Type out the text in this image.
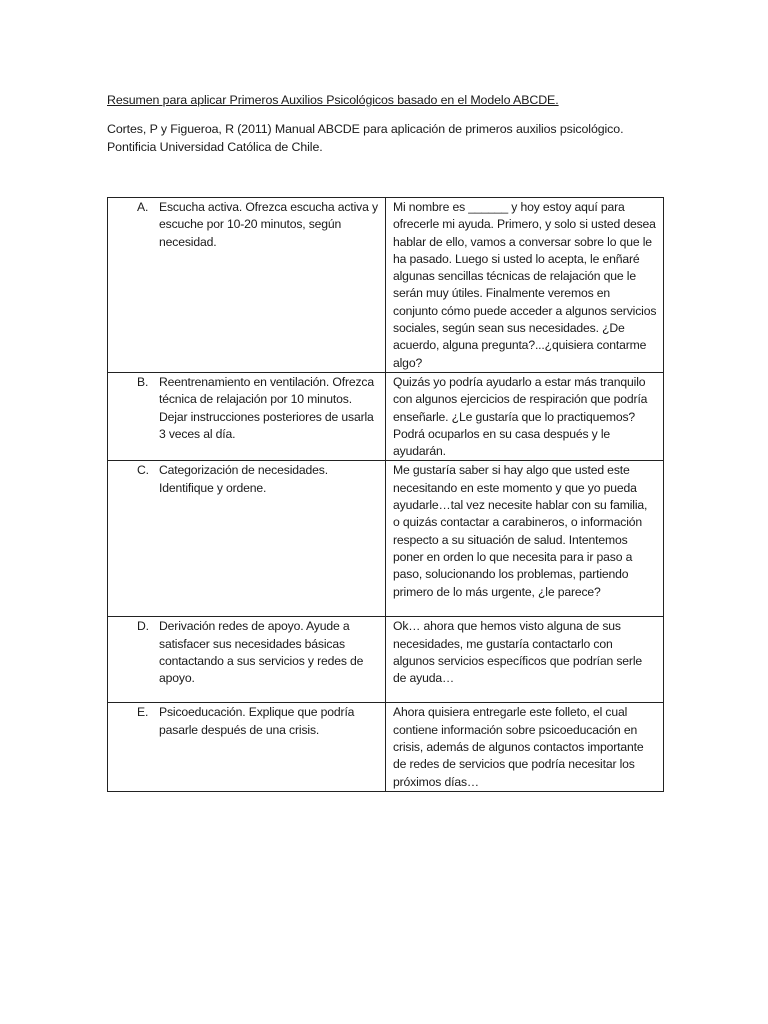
Resumen para aplicar Primeros Auxilios Psicológicos basado en el Modelo ABCDE.
Cortes, P y Figueroa, R (2011) Manual ABCDE para aplicación de primeros auxilios psicológico.
Pontificia Universidad Católica de Chile.
A. Escucha activa. Ofrezca escucha activa y escuche por 10-20 minutos, según necesidad.	Mi nombre es ______ y hoy estoy aquí para ofrecerle mi ayuda. Primero, y solo si usted desea hablar de ello, vamos a conversar sobre lo que le ha pasado. Luego si usted lo acepta, le enñaré algunas sencillas técnicas de relajación que le serán muy útiles. Finalmente veremos en conjunto cómo puede acceder a algunos servicios sociales, según sean sus necesidades. ¿De acuerdo, alguna pregunta?...¿quisiera contarme algo?

B. Reentrenamiento en ventilación. Ofrezca técnica de relajación por 10 minutos. Dejar instrucciones posteriores de usarla 3 veces al día.	Quizás yo podría ayudarlo a estar más tranquilo con algunos ejercicios de respiración que podría enseñarle. ¿Le gustaría que lo practiquemos? Podrá ocuparlos en su casa después y le ayudarán.

C. Categorización de necesidades. Identifique y ordene.	Me gustaría saber si hay algo que usted este necesitando en este momento y que yo pueda ayudarle…tal vez necesite hablar con su familia, o quizás contactar a carabineros, o información respecto a su situación de salud. Intentemos poner en orden lo que necesita para ir paso a paso, solucionando los problemas, partiendo primero de lo más urgente, ¿le parece?

D. Derivación redes de apoyo. Ayude a satisfacer sus necesidades básicas contactando a sus servicios y redes de apoyo.	Ok… ahora que hemos visto alguna de sus necesidades, me gustaría contactarlo con algunos servicios específicos que podrían serle de ayuda…

E. Psicoeducación. Explique que podría pasarle después de una crisis.	Ahora quisiera entregarle este folleto, el cual contiene información sobre psicoeducación en crisis, además de algunos contactos importante de redes de servicios que podría necesitar los próximos días…
